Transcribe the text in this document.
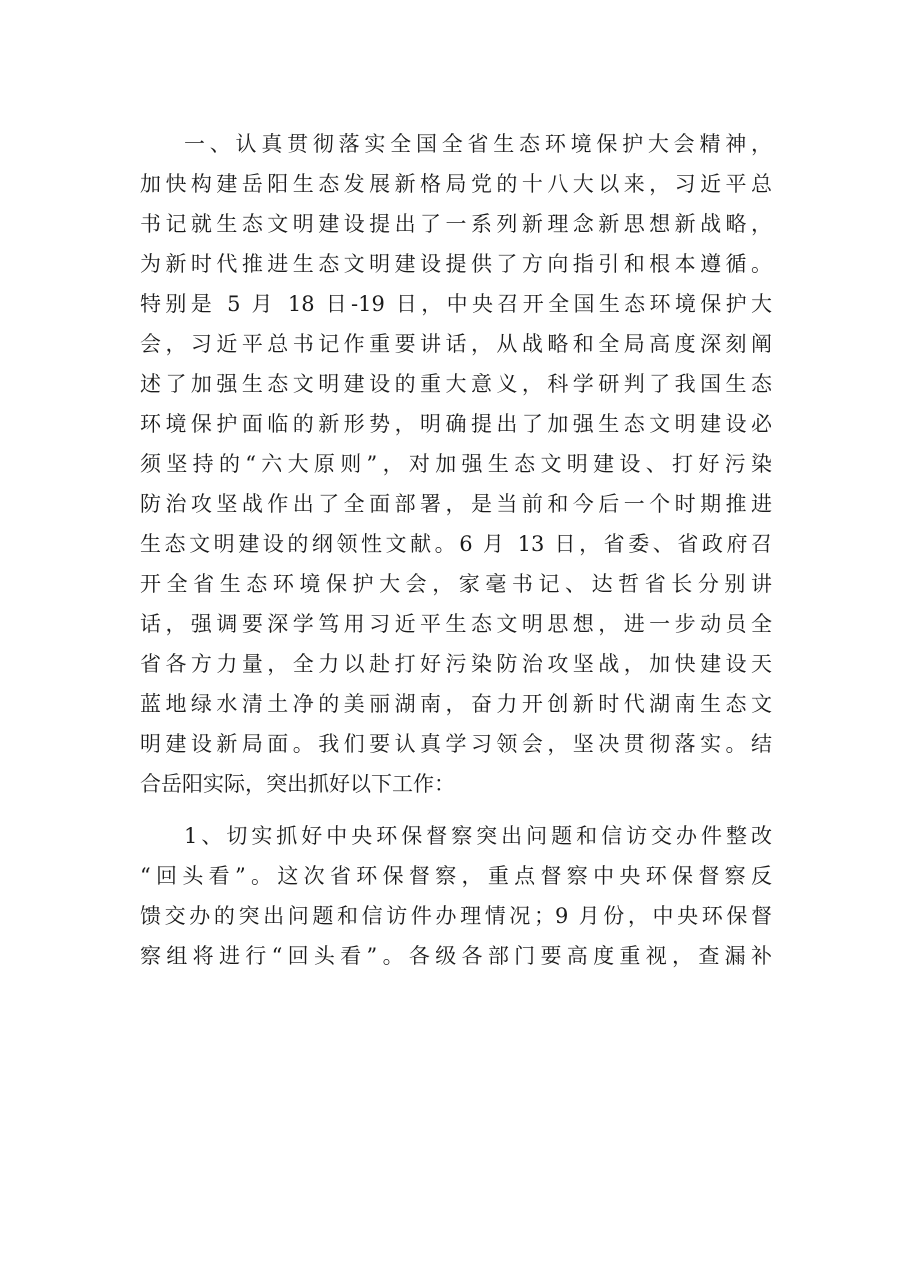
一、认真贯彻落实全国全省生态环境保护大会精神，
加快构建岳阳生态发展新格局党的十八大以来，习近平总
书记就生态文明建设提出了一系列新理念新思想新战略，
为新时代推进生态文明建设提供了方向指引和根本遵循。
特别是 5 月 18 日-19 日，中央召开全国生态环境保护大
会，习近平总书记作重要讲话，从战略和全局高度深刻阐
述了加强生态文明建设的重大意义，科学研判了我国生态
环境保护面临的新形势，明确提出了加强生态文明建设必
须坚持的“六大原则”，对加强生态文明建设、打好污染
防治攻坚战作出了全面部署，是当前和今后一个时期推进
生态文明建设的纲领性文献。6 月 13 日，省委、省政府召
开全省生态环境保护大会，家毫书记、达哲省长分别讲
话，强调要深学笃用习近平生态文明思想，进一步动员全
省各方力量，全力以赴打好污染防治攻坚战，加快建设天
蓝地绿水清土净的美丽湖南，奋力开创新时代湖南生态文
明建设新局面。我们要认真学习领会，坚决贯彻落实。结
合岳阳实际，突出抓好以下工作：
1、切实抓好中央环保督察突出问题和信访交办件整改
“回头看”。这次省环保督察，重点督察中央环保督察反
馈交办的突出问题和信访件办理情况；9 月份，中央环保督
察组将进行“回头看”。各级各部门要高度重视，查漏补
